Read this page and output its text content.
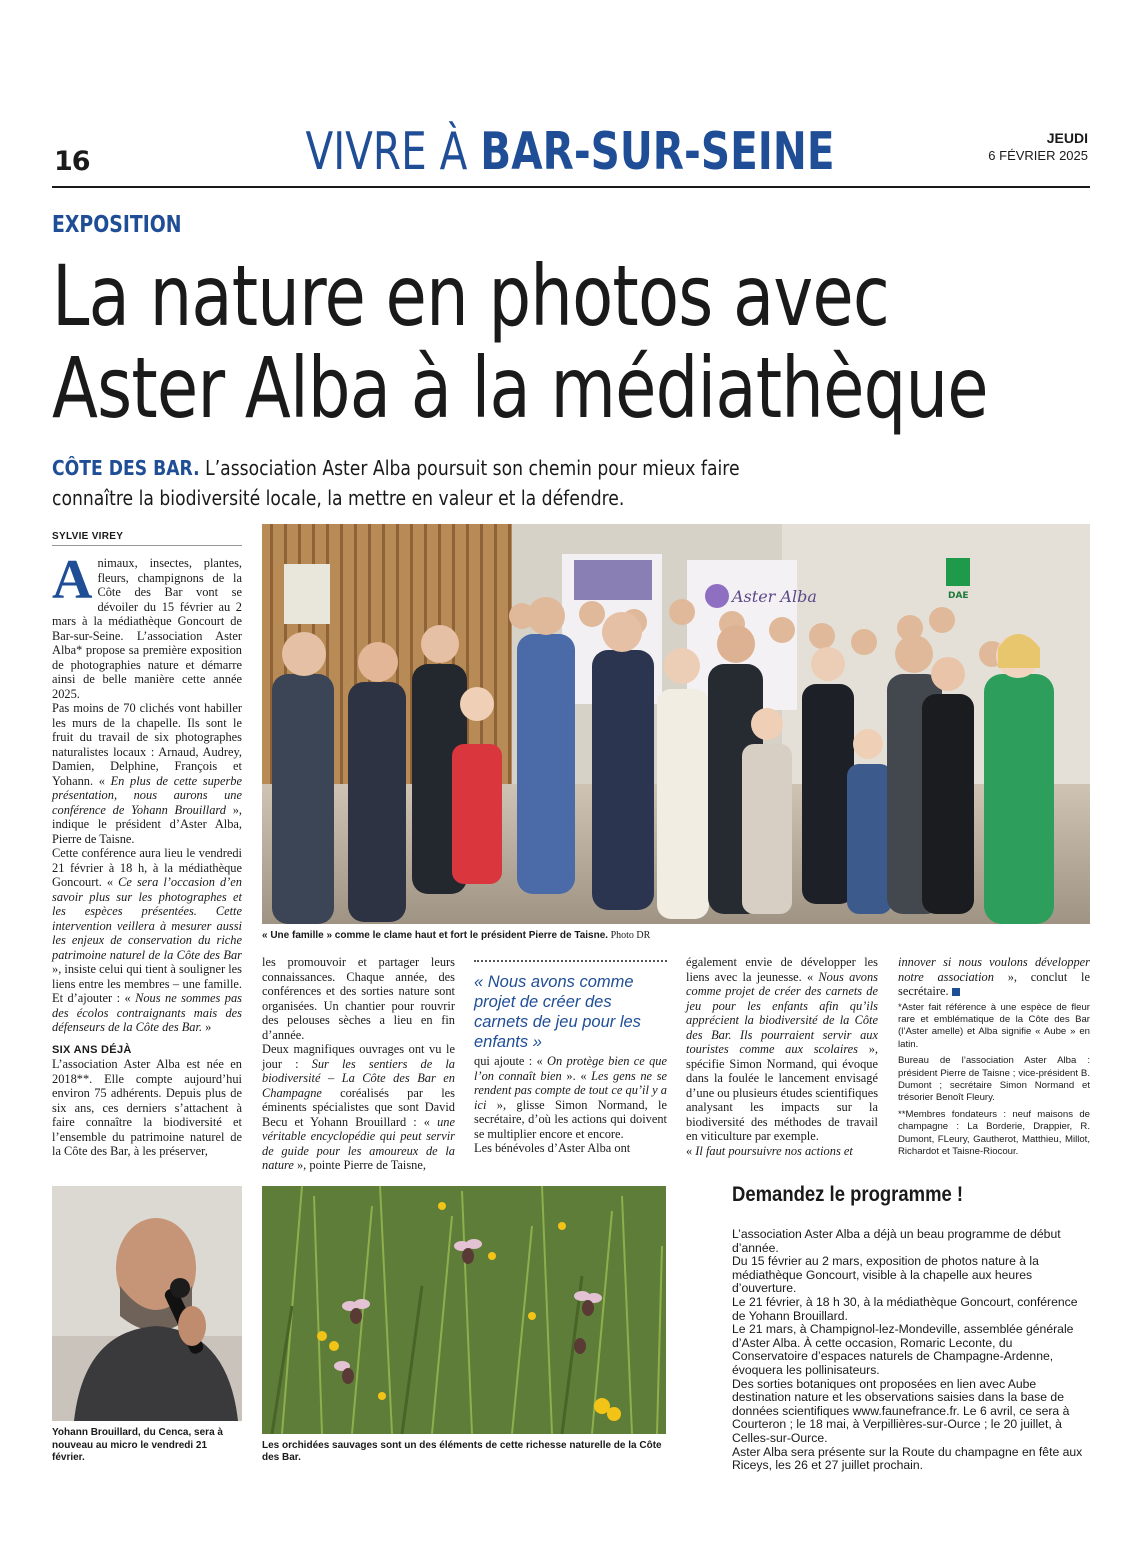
16	VIVRE À BAR-SUR-SEINE	JEUDI
6 FÉVRIER 2025
EXPOSITION
La nature en photos avec
Aster Alba à la médiathèque
CÔTE DES BAR. L’association Aster Alba poursuit son chemin pour mieux faire connaître la biodiversité locale, la mettre en valeur et la défendre.
SYLVIE VIREY

Animaux, insectes, plantes, fleurs, champignons de la Côte des Bar vont se dévoiler du 15 février au 2 mars à la médiathèque Goncourt de Bar-sur-Seine. L’association Aster Alba* propose sa première exposition de photographies nature et démarre ainsi de belle manière cette année 2025.

Pas moins de 70 clichés vont habiller les murs de la chapelle. Ils sont le fruit du travail de six photographes naturalistes locaux : Arnaud, Audrey, Damien, Delphine, François et Yohann. « En plus de cette superbe présentation, nous aurons une conférence de Yohann Brouillard », indique le président d’Aster Alba, Pierre de Taisne.

Cette conférence aura lieu le vendredi 21 février à 18 h, à la médiathèque Goncourt. « Ce sera l’occasion d’en savoir plus sur les photographes et les espèces présentées. Cette intervention veillera à mesurer aussi les enjeux de conservation du riche patrimoine naturel de la Côte des Bar », insiste celui qui tient à souligner les liens entre les membres – une famille. Et d’ajouter : « Nous ne sommes pas des écolos contraignants mais des défenseurs de la Côte des Bar. »

SIX ANS DÉJÀ

L’association Aster Alba est née en 2018**. Elle compte aujourd’hui environ 75 adhérents. Depuis plus de six ans, ces derniers s’attachent à faire connaître la biodiversité et l’ensemble du patrimoine naturel de la Côte des Bar, à les préserver,

Aster Alba	DAE
« Une famille » comme le clame haut et fort le président Pierre de Taisne. Photo DR

les promouvoir et partager leurs connaissances. Chaque année, des conférences et des sorties nature sont organisées. Un chantier pour rouvrir des pelouses sèches a lieu en fin d’année.

Deux magnifiques ouvrages ont vu le jour : Sur les sentiers de la biodiversité – La Côte des Bar en Champagne coréalisés par les éminents spécialistes que sont David Becu et Yohann Brouillard : « une véritable encyclopédie qui peut servir de guide pour les amoureux de la nature », pointe Pierre de Taisne,

« Nous avons comme projet de créer des carnets de jeu pour les enfants »

qui ajoute : « On protège bien ce que l’on connaît bien ». « Les gens ne se rendent pas compte de tout ce qu’il y a ici », glisse Simon Normand, le secrétaire, d’où les actions qui doivent se multiplier encore et encore.

Les bénévoles d’Aster Alba ont

également envie de développer les liens avec la jeunesse. « Nous avons comme projet de créer des carnets de jeu pour les enfants afin qu’ils apprécient la biodiversité de la Côte des Bar. Ils pourraient servir aux touristes comme aux scolaires », spécifie Simon Normand, qui évoque dans la foulée le lancement envisagé d’une ou plusieurs études scientifiques analysant les impacts sur la biodiversité des méthodes de travail en viticulture par exemple.

« Il faut poursuivre nos actions et

innover si nous voulons développer notre association », conclut le secrétaire.

*Aster fait référence à une espèce de fleur rare et emblématique de la Côte des Bar (l’Aster amelle) et Alba signifie « Aube » en latin.

Bureau de l’association Aster Alba : président Pierre de Taisne ; vice-président B. Dumont ; secrétaire Simon Normand et trésorier Benoît Fleury.

**Membres fondateurs : neuf maisons de champagne : La Borderie, Drappier, R. Dumont, FLeury, Gautherot, Matthieu, Millot, Richardot et Taisne-Riocour.

Yohann Brouillard, du Cenca, sera à nouveau au micro le vendredi 21 février.
Les orchidées sauvages sont un des éléments de cette richesse naturelle de la Côte des Bar.
Demandez le programme !

L’association Aster Alba a déjà un beau programme de début d’année.

Du 15 février au 2 mars, exposition de photos nature à la médiathèque Goncourt, visible à la chapelle aux heures d’ouverture.

Le 21 février, à 18 h 30, à la médiathèque Goncourt, conférence de Yohann Brouillard.

Le 21 mars, à Champignol-lez-Mondeville, assemblée générale d’Aster Alba. À cette occasion, Romaric Leconte, du Conservatoire d’espaces naturels de Champagne-Ardenne, évoquera les pollinisateurs.

Des sorties botaniques ont proposées en lien avec Aube destination nature et les observations saisies dans la base de données scientifiques www.faunefrance.fr. Le 6 avril, ce sera à Courteron ; le 18 mai, à Verpillières-sur-Ource ; le 20 juillet, à Celles-sur-Ource.

Aster Alba sera présente sur la Route du champagne en fête aux Riceys, les 26 et 27 juillet prochain.
